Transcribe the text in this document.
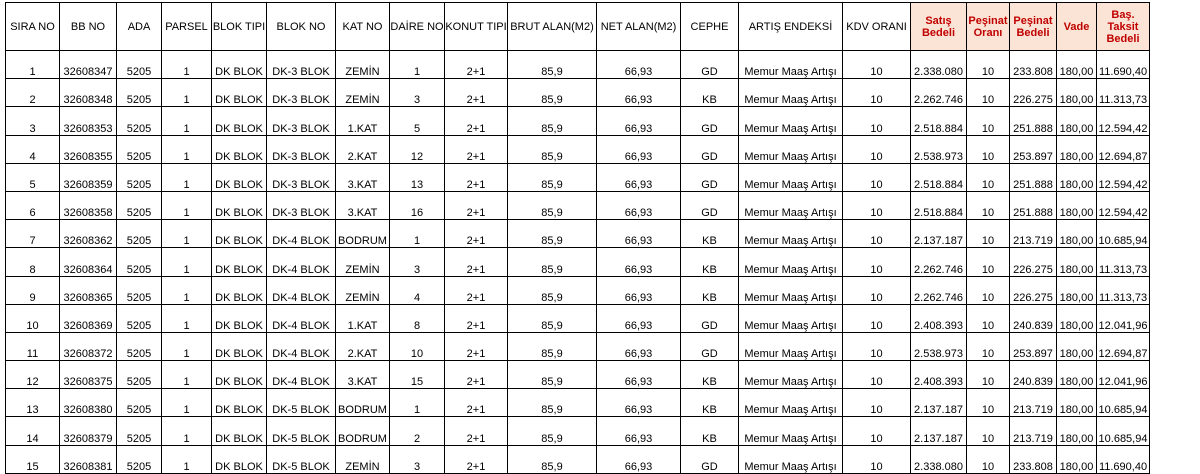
SIRA NO	BB NO	ADA	PARSEL	BLOK TIPI	BLOK NO	KAT NO	DAİRE NO	KONUT TIPI	BRUT ALAN(M2)	NET ALAN(M2)	CEPHE	ARTIŞ ENDEKSİ	KDV ORANI	Satış Bedeli	Peşinat Oranı	Peşinat Bedeli	Vade	Baş. Taksit Bedeli
1	32608347	5205	1	DK BLOK	DK-3 BLOK	ZEMİN	1	2+1	85,9	66,93	GD	Memur Maaş Artışı	10	2.338.080	10	233.808	180,00	11.690,40
2	32608348	5205	1	DK BLOK	DK-3 BLOK	ZEMİN	3	2+1	85,9	66,93	KB	Memur Maaş Artışı	10	2.262.746	10	226.275	180,00	11.313,73
3	32608353	5205	1	DK BLOK	DK-3 BLOK	1.KAT	5	2+1	85,9	66,93	GD	Memur Maaş Artışı	10	2.518.884	10	251.888	180,00	12.594,42
4	32608355	5205	1	DK BLOK	DK-3 BLOK	2.KAT	12	2+1	85,9	66,93	GD	Memur Maaş Artışı	10	2.538.973	10	253.897	180,00	12.694,87
5	32608359	5205	1	DK BLOK	DK-3 BLOK	3.KAT	13	2+1	85,9	66,93	GD	Memur Maaş Artışı	10	2.518.884	10	251.888	180,00	12.594,42
6	32608358	5205	1	DK BLOK	DK-3 BLOK	3.KAT	16	2+1	85,9	66,93	GD	Memur Maaş Artışı	10	2.518.884	10	251.888	180,00	12.594,42
7	32608362	5205	1	DK BLOK	DK-4 BLOK	BODRUM	1	2+1	85,9	66,93	KB	Memur Maaş Artışı	10	2.137.187	10	213.719	180,00	10.685,94
8	32608364	5205	1	DK BLOK	DK-4 BLOK	ZEMİN	3	2+1	85,9	66,93	KB	Memur Maaş Artışı	10	2.262.746	10	226.275	180,00	11.313,73
9	32608365	5205	1	DK BLOK	DK-4 BLOK	ZEMİN	4	2+1	85,9	66,93	KB	Memur Maaş Artışı	10	2.262.746	10	226.275	180,00	11.313,73
10	32608369	5205	1	DK BLOK	DK-4 BLOK	1.KAT	8	2+1	85,9	66,93	GD	Memur Maaş Artışı	10	2.408.393	10	240.839	180,00	12.041,96
11	32608372	5205	1	DK BLOK	DK-4 BLOK	2.KAT	10	2+1	85,9	66,93	GD	Memur Maaş Artışı	10	2.538.973	10	253.897	180,00	12.694,87
12	32608375	5205	1	DK BLOK	DK-4 BLOK	3.KAT	15	2+1	85,9	66,93	KB	Memur Maaş Artışı	10	2.408.393	10	240.839	180,00	12.041,96
13	32608380	5205	1	DK BLOK	DK-5 BLOK	BODRUM	1	2+1	85,9	66,93	KB	Memur Maaş Artışı	10	2.137.187	10	213.719	180,00	10.685,94
14	32608379	5205	1	DK BLOK	DK-5 BLOK	BODRUM	2	2+1	85,9	66,93	KB	Memur Maaş Artışı	10	2.137.187	10	213.719	180,00	10.685,94
15	32608381	5205	1	DK BLOK	DK-5 BLOK	ZEMİN	3	2+1	85,9	66,93	GD	Memur Maaş Artışı	10	2.338.080	10	233.808	180,00	11.690,40
